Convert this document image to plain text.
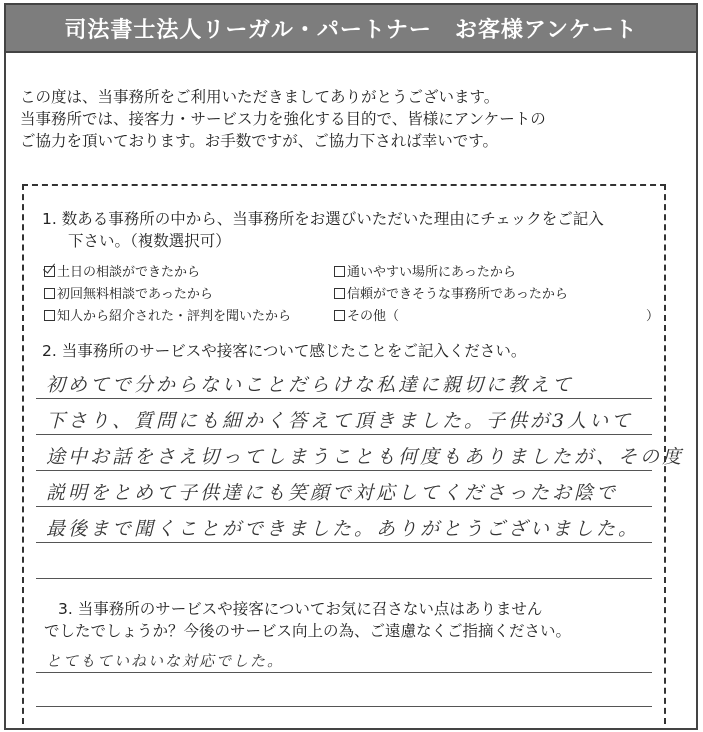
司法書士法人リーガル・パートナー　お客様アンケート
この度は、当事務所をご利用いただきましてありがとうございます。
当事務所では、接客力・サービス力を強化する目的で、皆様にアンケートの
ご協力を頂いております。お手数ですが、ご協力下されば幸いです。
1. 数ある事務所の中から、当事務所をお選びいただいた理由にチェックをご記入
下さい。（複数選択可）
土日の相談ができたから	通いやすい場所にあったから
初回無料相談であったから	信頼ができそうな事務所であったから
知人から紹介された・評判を聞いたから	その他（	）
2. 当事務所のサービスや接客について感じたことをご記入ください。
初めてで分からないことだらけな私達に親切に教えて
下さり、質問にも細かく答えて頂きました。子供が3人いて
途中お話をさえ切ってしまうことも何度もありましたが、その度
説明をとめて子供達にも笑顔で対応してくださったお陰で
最後まで聞くことができました。ありがとうございました。
3. 当事務所のサービスや接客についてお気に召さない点はありません
でしたでしょうか？今後のサービス向上の為、ご遠慮なくご指摘ください。
とてもていねいな対応でした。
